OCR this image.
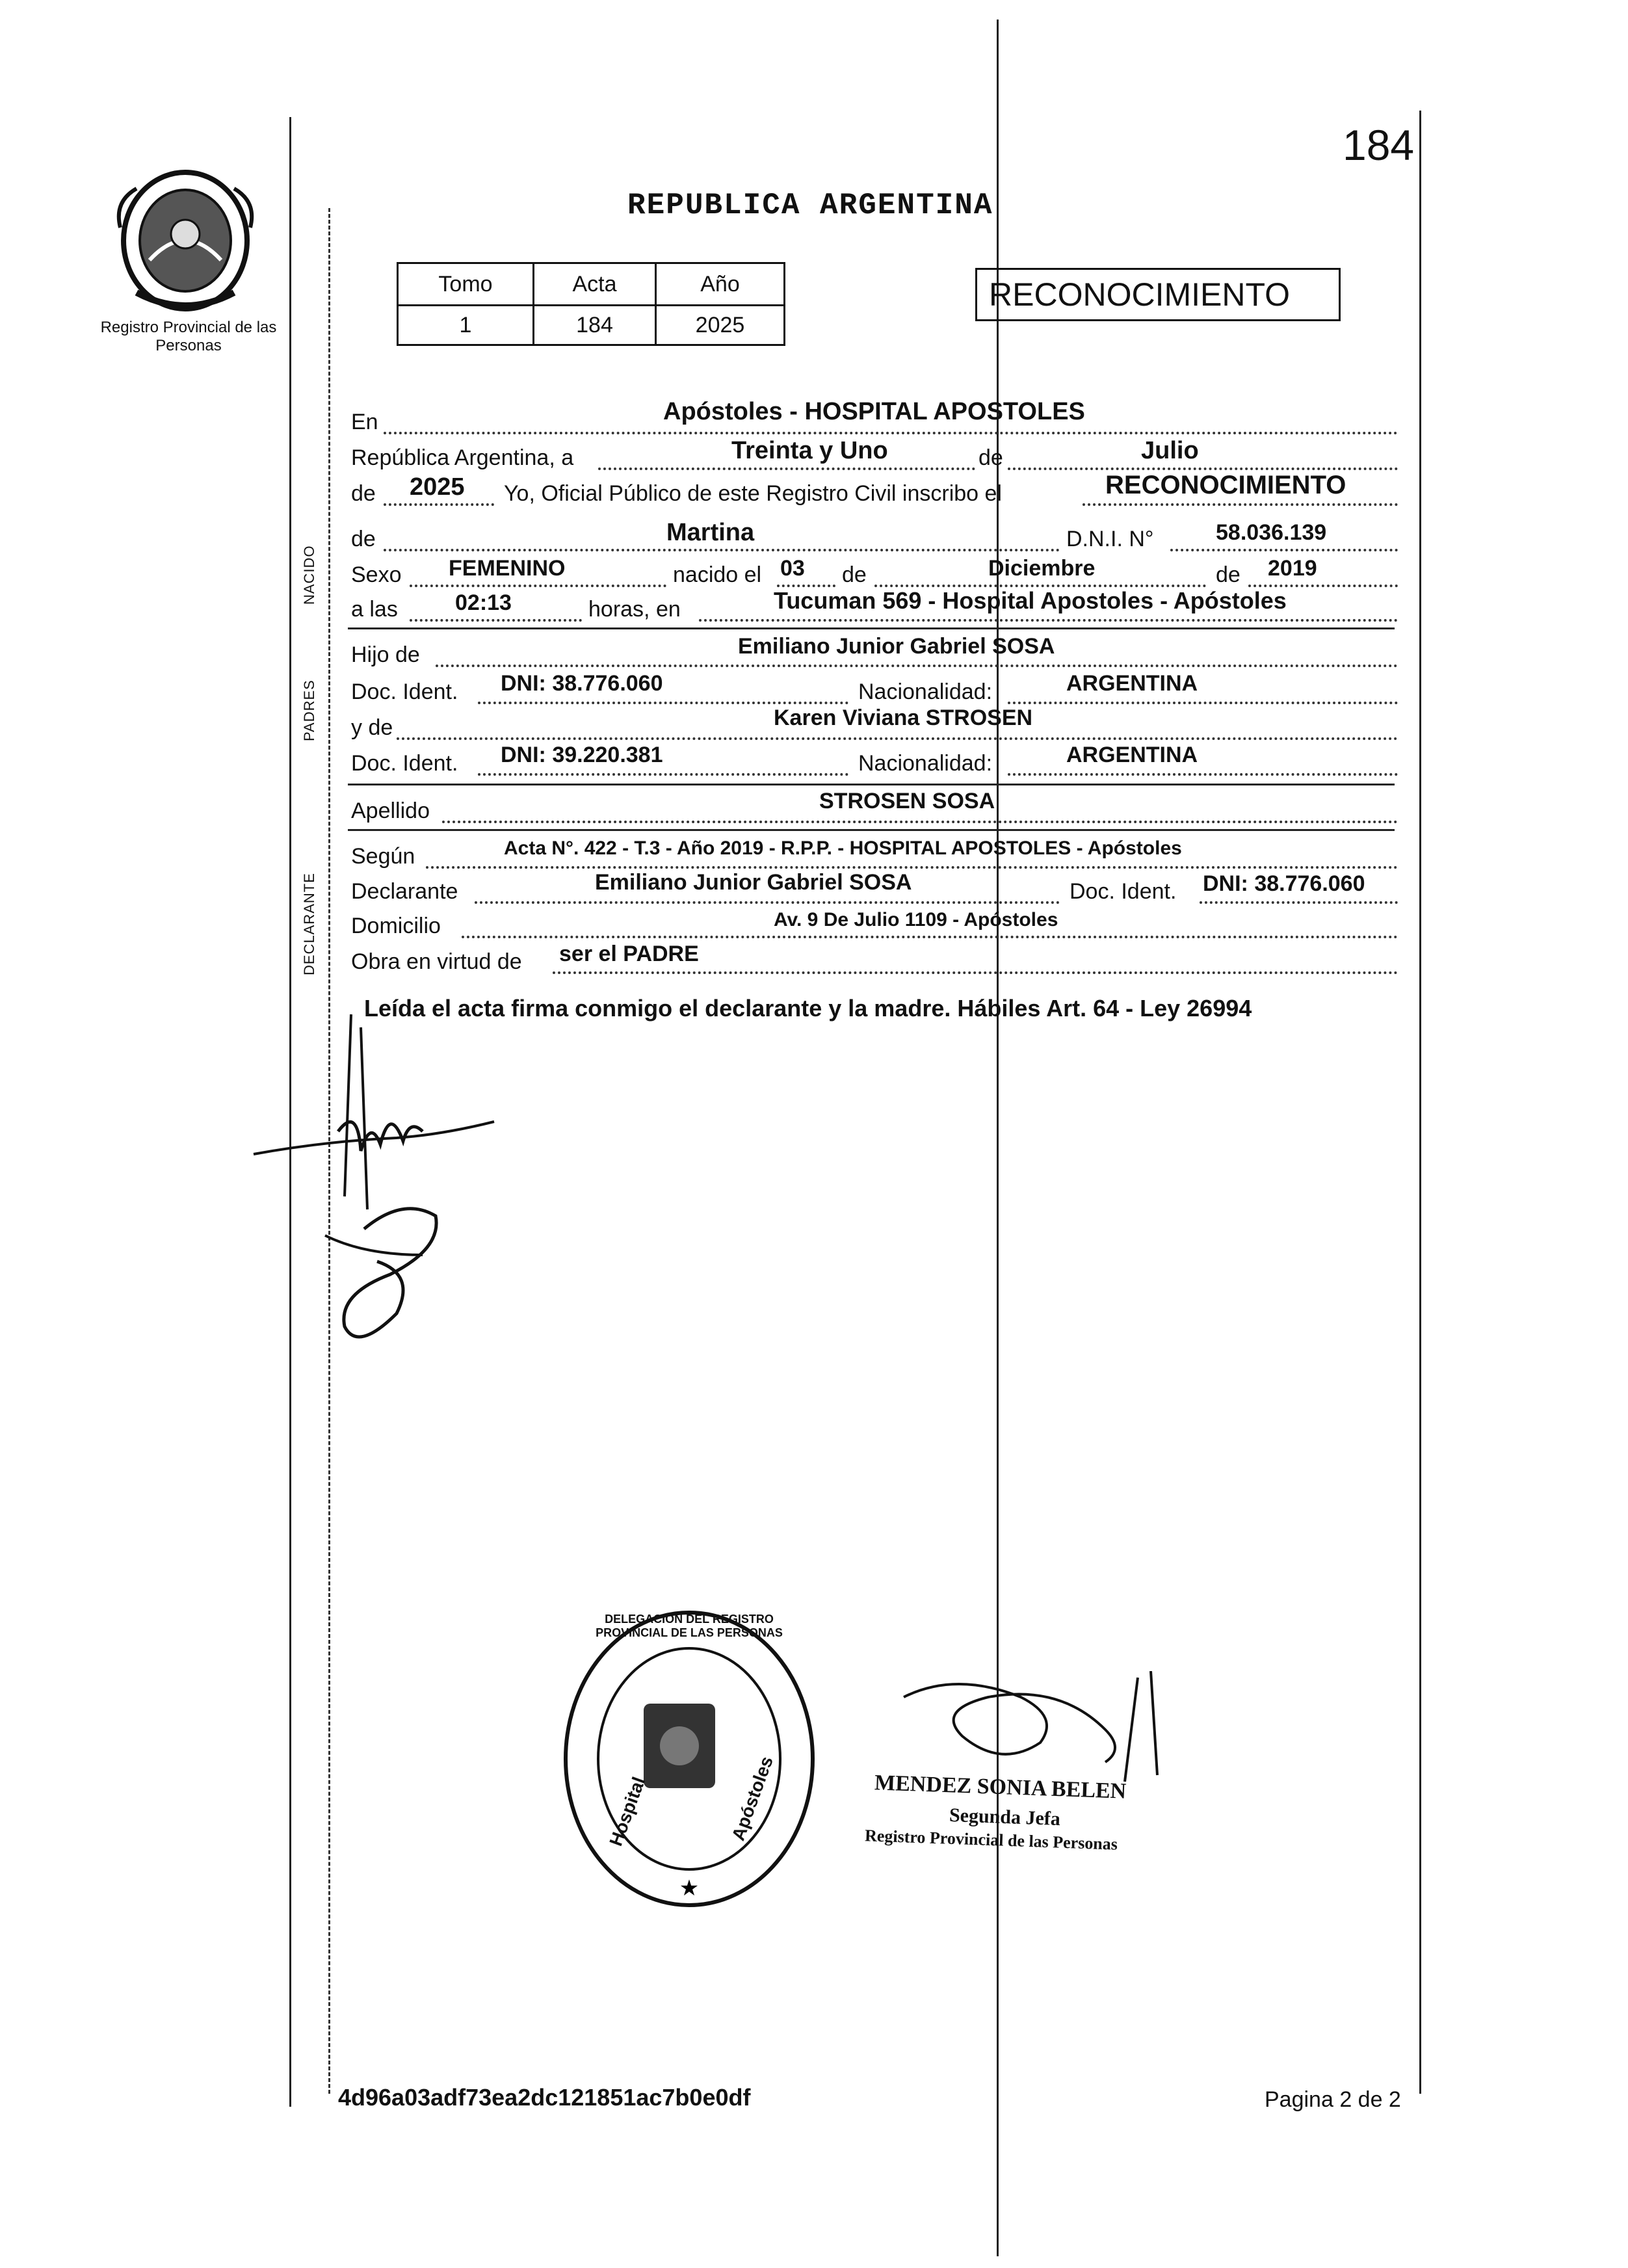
Registro Provincial de las Personas
184
REPUBLICA ARGENTINA
Tomo	Acta	Año
1	184	2025
RECONOCIMIENTO
NACIDO
PADRES
DECLARANTE
En	Apóstoles - HOSPITAL APOSTOLES
República Argentina, a	Treinta y Uno	de	Julio
de 2025 Yo, Oficial Público de este Registro Civil inscribo el	RECONOCIMIENTO
de	Martina	D.N.I. N°	58.036.139
Sexo FEMENINO	nacido el 03 de	Diciembre	de 2019
a las	02:13	horas, en	Tucuman 569 - Hospital Apostoles - Apóstoles
Hijo de	Emiliano Junior Gabriel SOSA
Doc. Ident. DNI: 38.776.060	Nacionalidad:	ARGENTINA
y de	Karen Viviana STROSEN
Doc. Ident. DNI: 39.220.381	Nacionalidad:	ARGENTINA
Apellido	STROSEN SOSA
Según	Acta N°. 422 - T.3 - Año 2019 - R.P.P. - HOSPITAL APOSTOLES - Apóstoles
Declarante	Emiliano Junior Gabriel SOSA	Doc. Ident. DNI: 38.776.060
Domicilio	Av. 9 De Julio 1109 - Apóstoles
Obra en virtud de ser el PADRE
Leída el acta firma conmigo el declarante y la madre. Hábiles Art. 64 - Ley 26994
★
DELEGACION DEL REGISTRO PROVINCIAL DE LAS PERSONAS
Hospital	Apóstoles	MENDEZ SONIA BELEN
Segunda Jefa
Registro Provincial de las Personas
4d96a03adf73ea2dc121851ac7b0e0df	Pagina 2 de 2
